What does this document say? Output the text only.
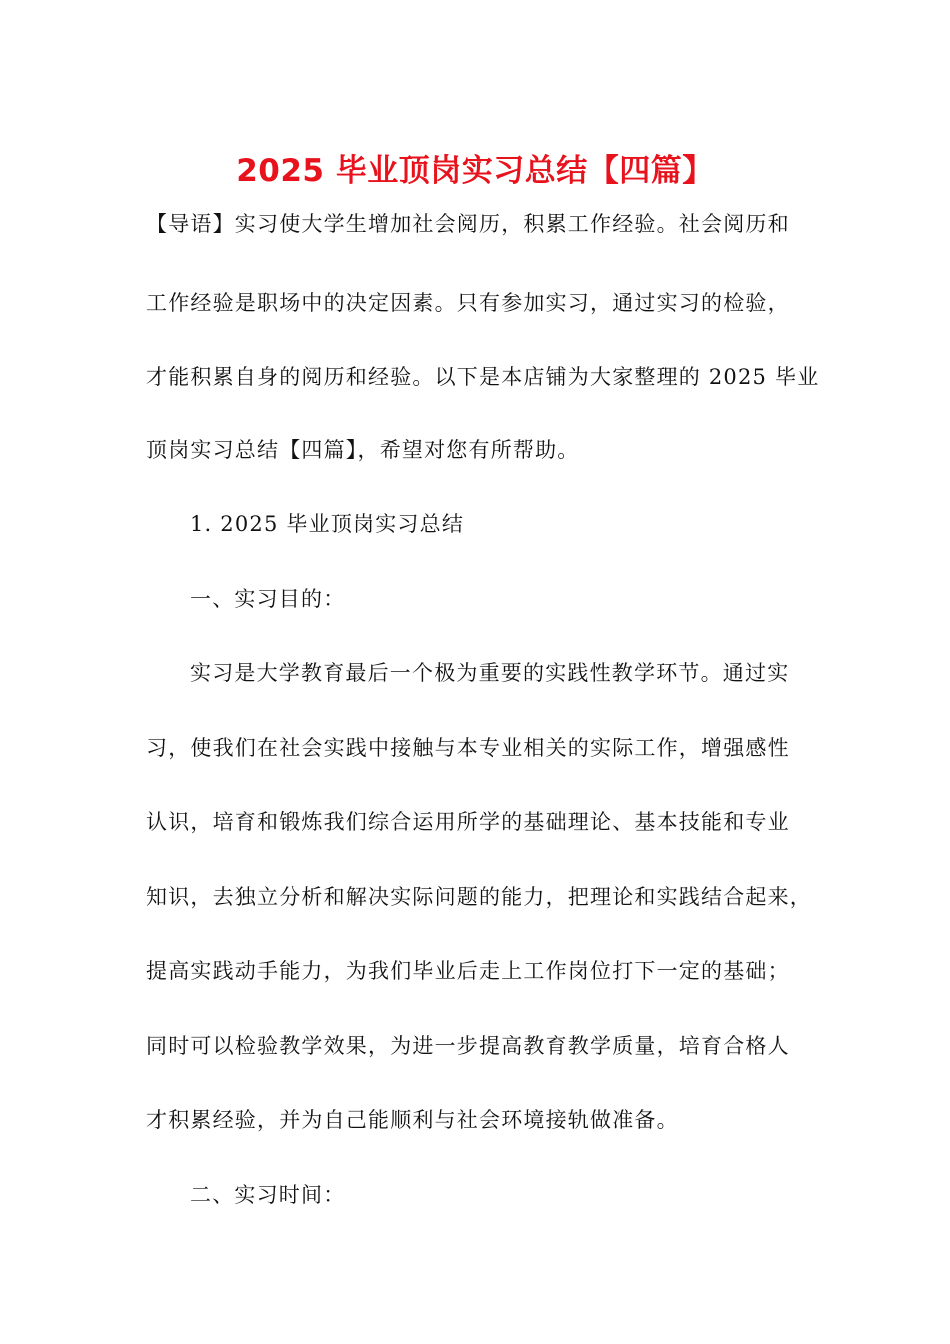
2025 毕业顶岗实习总结【四篇】
【导语】实习使大学生增加社会阅历，积累工作经验。社会阅历和
工作经验是职场中的决定因素。只有参加实习，通过实习的检验，
才能积累自身的阅历和经验。以下是本店铺为大家整理的 2025 毕业
顶岗实习总结【四篇】，希望对您有所帮助。
1. 2025 毕业顶岗实习总结
一、实习目的：
实习是大学教育最后一个极为重要的实践性教学环节。通过实
习，使我们在社会实践中接触与本专业相关的实际工作，增强感性
认识，培育和锻炼我们综合运用所学的基础理论、基本技能和专业
知识，去独立分析和解决实际问题的能力，把理论和实践结合起来，
提高实践动手能力，为我们毕业后走上工作岗位打下一定的基础；
同时可以检验教学效果，为进一步提高教育教学质量，培育合格人
才积累经验，并为自己能顺利与社会环境接轨做准备。
二、实习时间：
